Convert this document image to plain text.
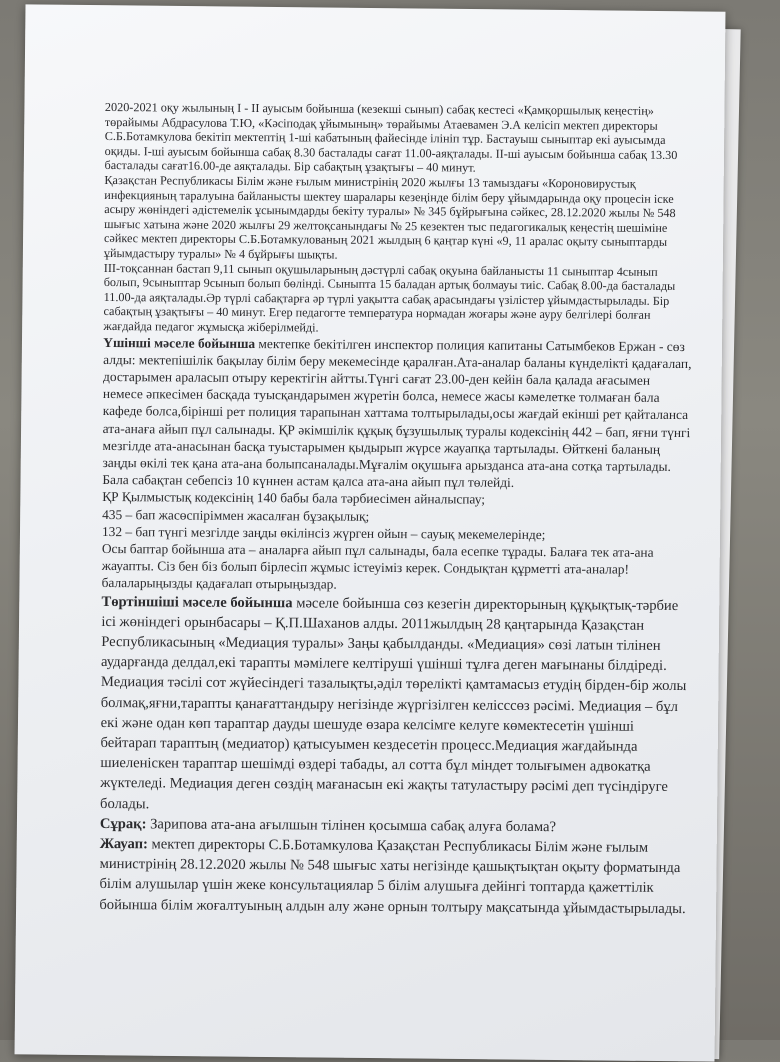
2020-2021 оқу жылының I - II ауысым бойынша (кезекші сынып) сабақ кестесі «Қамқоршылық кеңестің» төрайымы Абдрасулова Т.Ю, «Кәсіподақ ұйымының» төрайымы Атаевамен Э.А келісіп мектеп директоры С.Б.Ботамкулова бекітіп мектептің 1-ші кабатының файесінде ілініп тұр. Бастауыш сыныптар екі ауысымда оқиды. І-ші ауысым бойынша сабақ 8.30 басталады сағат 11.00-аяқталады. ІІ-ші ауысым бойынша сабақ 13.30 басталады сағат16.00-де аяқталады. Бір сабақтың ұзақтығы – 40 минут.

Қазақстан Республикасы Білім және ғылым министрінің 2020 жылғы 13 тамыздағы «Короновирустық инфекцияның таралуына байланысты шектеу шаралары кезеңінде білім беру ұйымдарында оқу процесін іске асыру жөніндегі әдістемелік ұсынымдарды бекіту туралы» № 345 бұйрығына сәйкес, 28.12.2020 жылы № 548 шығыс хатына және 2020 жылғы 29 желтоқсанындағы № 25 кезектен тыс педагогикалық кеңестің шешіміне сәйкес мектеп директоры С.Б.Ботамкулованың 2021 жылдың 6 қаңтар күні «9, 11 аралас оқыту сыныптарды ұйымдастыру туралы» № 4 бұйрығы шықты.

ІІІ-тоқсаннан бастап 9,11 сынып оқушыларының дәстүрлі сабақ оқуына байланысты 11 сыныптар 4сынып болып, 9сыныптар 9сынып болып бөлінді. Сыныпта 15 баладан артық болмауы тиіс. Сабақ 8.00-да басталады 11.00-да аяқталады.Әр түрлі сабақтарға әр түрлі уақытта сабақ арасындағы үзілістер ұйымдастырылады. Бір сабақтың ұзақтығы – 40 минут. Егер педагогте температура нормадан жоғары және ауру белгілері болған жағдайда педагог жұмысқа жіберілмейді.

Үшінші мәселе бойынша мектепке бекітілген инспектор полиция капитаны Сатымбеков Ержан - сөз алды: мектепішілік бақылау білім беру мекемесінде қаралған.Ата-аналар баланы күнделікті қадағалап, достарымен араласып отыру керектігін айтты.Түнгі сағат 23.00-ден кейін бала қалада ағасымен немесе әпкесімен басқада туысқандарымен жүретін болса, немесе жасы кәмелетке толмаған бала кафеде болса,бірінші рет полиция тарапынан хаттама толтырылады,осы жағдай екінші рет қайталанса ата-анаға айып пұл салынады. ҚР әкімшілік құқық бұзушылық туралы кодексінің 442 – бап, яғни түнгі мезгілде ата-анасынан басқа туыстарымен қыдырып жүрсе жауапқа тартылады. Өйткені баланың заңды өкілі тек қана ата-ана болыпсаналады.Мұғалім оқушыға арызданса ата-ана сотқа тартылады. Бала сабақтан себепсіз 10 күннен астам қалса ата-ана айып пұл төлейді.

ҚР Қылмыстық кодексінің 140 бабы бала тәрбиесімен айналыспау;

435 – бап жасөспіріммен жасалған бұзақылық;

132 – бап түнгі мезгілде заңды өкілінсіз жүрген ойын – сауық мекемелерінде;

Осы баптар бойынша ата – аналарға айып пұл салынады, бала есепке тұрады. Балаға тек ата-ана жауапты. Сіз бен біз болып бірлесіп жұмыс істеуіміз керек. Сондықтан құрметті ата-аналар! балаларыңызды қадағалап отырыңыздар.

Төртіншіші мәселе бойынша мәселе бойынша сөз кезегін директорының құқықтық-тәрбие ісі жөніндегі орынбасары – Қ.П.Шаханов алды. 2011жылдың 28 қаңтарында Қазақстан Республикасының «Медиация туралы» Заңы қабылданды. «Медиация» сөзі латын тілінен аударғанда делдал,екі тарапты мәмілеге келтіруші үшінші тұлға деген мағынаны білдіреді. Медиация тәсілі сот жүйесіндегі тазалықты,әділ төрелікті қамтамасыз етудің бірден-бір жолы болмақ,яғни,тарапты қанағаттандыру негізінде жүргізілген келісссөз рәсімі. Медиация – бұл екі және одан көп тараптар дауды шешуде өзара келсімге келуге көмектесетін үшінші бейтарап тараптың (медиатор) қатысуымен кездесетін процесс.Медиация жағдайында шиеленіскен тараптар шешімді өздері табады, ал сотта бұл міндет толығымен адвокатқа жүктеледі. Медиация деген сөздің мағанасын екі жақты татуластыру рәсімі деп түсіндіруге болады.

Сұрақ: Зарипова ата-ана ағылшын тілінен қосымша сабақ алуға болама?

Жауап: мектеп директоры С.Б.Ботамкулова Қазақстан Республикасы Білім және ғылым министрінің 28.12.2020 жылы № 548 шығыс хаты негізінде қашықтықтан оқыту форматында білім алушылар үшін жеке консультациялар 5 білім алушыға дейінгі топтарда қажеттілік бойынша білім жоғалтуының алдын алу және орнын толтыру мақсатында ұйымдастырылады.
